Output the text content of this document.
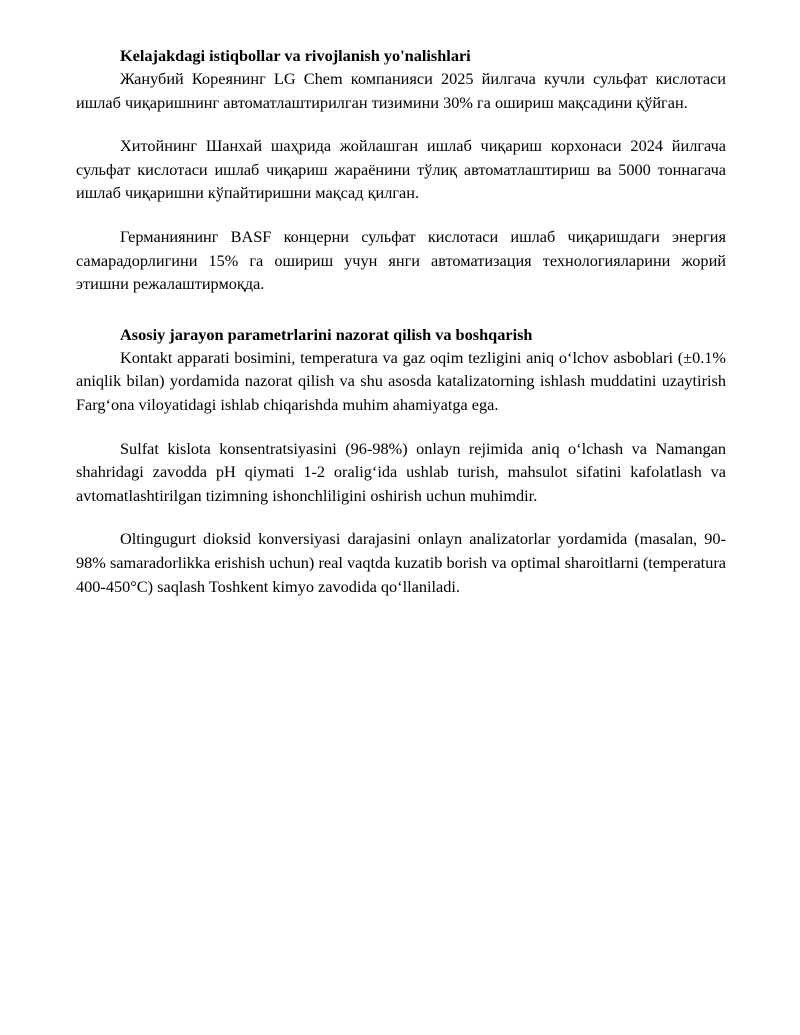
Kelajakdagi istiqbollar va rivojlanish yo'nalishlari

Жанубий Кореянинг LG Chem компанияси 2025 йилгача кучли сульфат кислотаси ишлаб чиқаришнинг автоматлаштирилган тизимини 30% га ошириш мақсадини қўйган.

Хитойнинг Шанхай шаҳрида жойлашган ишлаб чиқариш корхонаси 2024 йилгача сульфат кислотаси ишлаб чиқариш жараёнини тўлиқ автоматлаштириш ва 5000 тоннагача ишлаб чиқаришни кўпайтиришни мақсад қилган.

Германиянинг BASF концерни сульфат кислотаси ишлаб чиқаришдаги энергия самарадорлигини 15% га ошириш учун янги автоматизация технологияларини жорий этишни режалаштирмоқда.

Asosiy jarayon parametrlarini nazorat qilish va boshqarish

Kontakt apparati bosimini, temperatura va gaz oqim tezligini aniq o‘lchov asboblari (±0.1% aniqlik bilan) yordamida nazorat qilish va shu asosda katalizatorning ishlash muddatini uzaytirish Farg‘ona viloyatidagi ishlab chiqarishda muhim ahamiyatga ega.

Sulfat kislota konsentratsiyasini (96-98%) onlayn rejimida aniq o‘lchash va Namangan shahridagi zavodda pH qiymati 1-2 oralig‘ida ushlab turish, mahsulot sifatini kafolatlash va avtomatlashtirilgan tizimning ishonchliligini oshirish uchun muhimdir.

Oltingugurt dioksid konversiyasi darajasini onlayn analizatorlar yordamida (masalan, 90-98% samaradorlikka erishish uchun) real vaqtda kuzatib borish va optimal sharoitlarni (temperatura 400-450°C) saqlash Toshkent kimyo zavodida qo‘llaniladi.
